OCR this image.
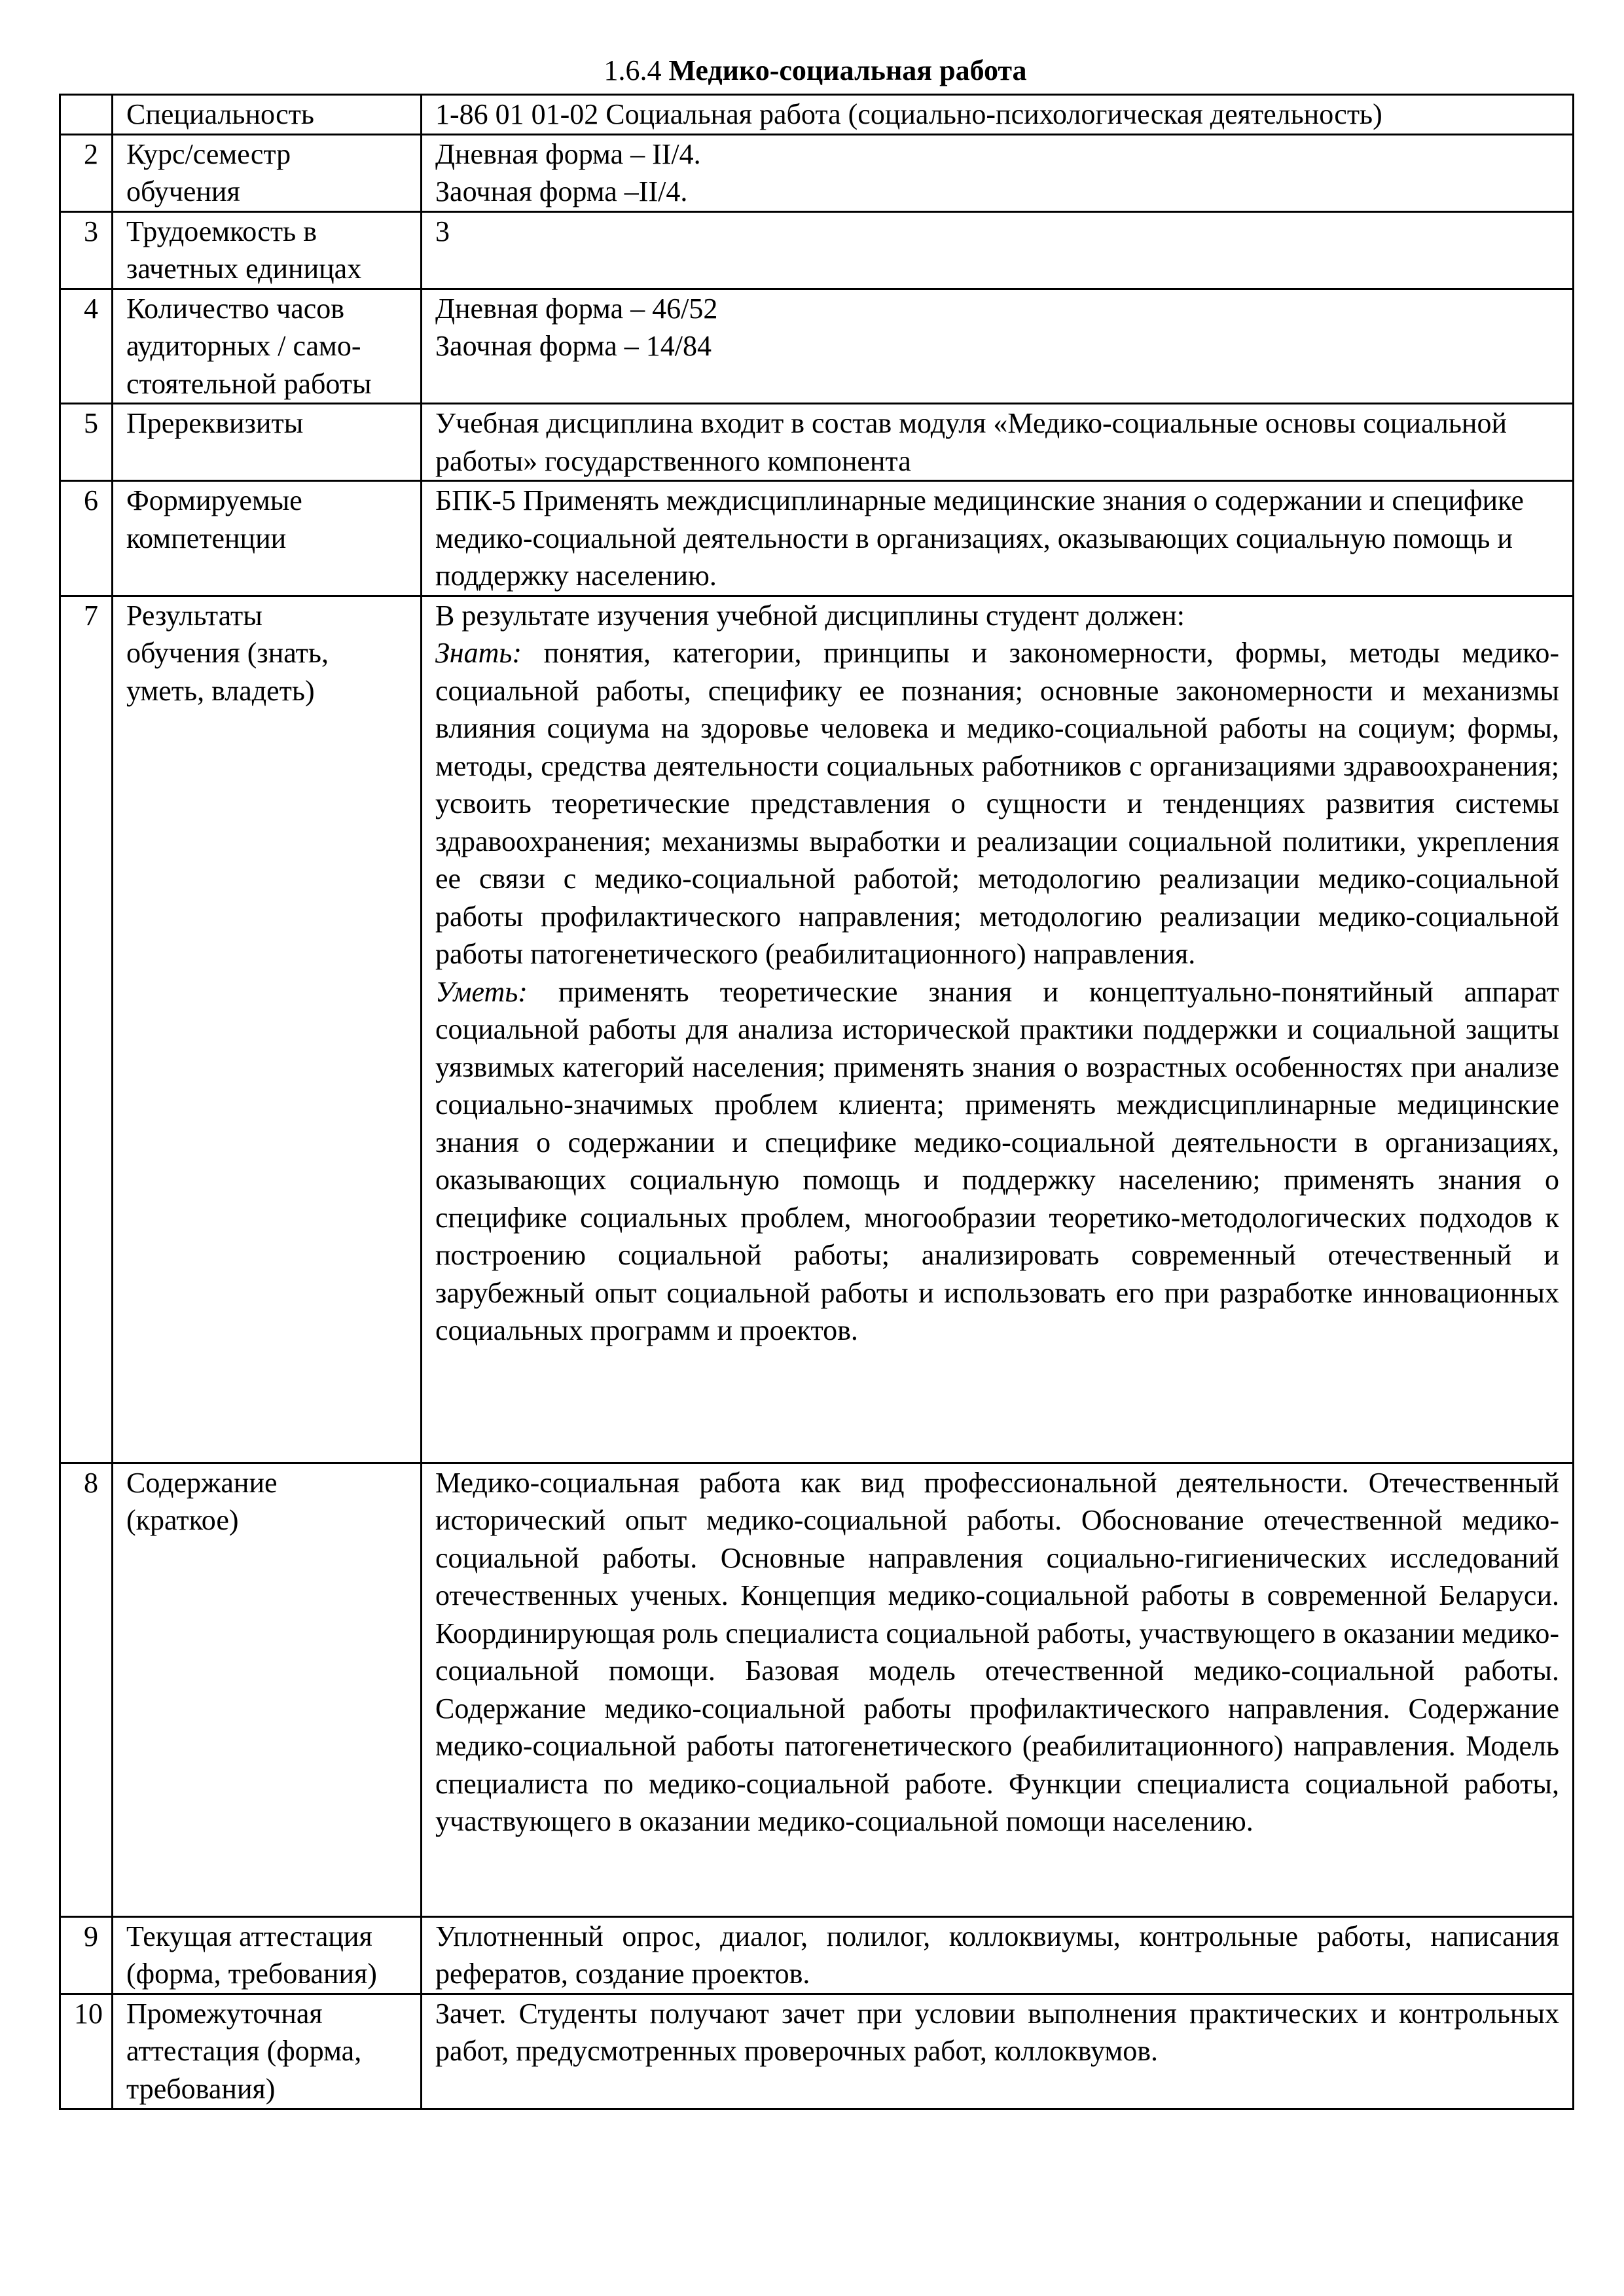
1.6.4 Медико-социальная работа
	Специальность	1-86 01 01-02 Социальная работа (социально-психологическая деятельность)

2	Курс/семестр обучения	Дневная форма – II/4.
Заочная форма –II/4.

3	Трудоемкость в зачетных единицах	3

4	Количество часов аудиторных / само-стоятельной работы	Дневная форма – 46/52
Заочная форма – 14/84

5	Пререквизиты	Учебная дисциплина входит в состав модуля «Медико-социальные основы социальной работы» государственного компонента

6	Формируемые компетенции	БПК-5 Применять междисциплинарные медицинские знания о содержании и специфике медико-социальной деятельности в организациях, оказывающих социальную помощь и поддержку населению.

7	Результаты обучения (знать, уметь, владеть)	В результате изучения учебной дисциплины студент должен:
Знать: понятия, категории, принципы и закономерности, формы, методы медико-социальной работы, специфику ее познания; основные закономерности и механизмы влияния социума на здоровье человека и медико-социальной работы на социум; формы, методы, средства деятельности социальных работников с организациями здравоохранения; усвоить теоретические представления о сущности и тенденциях развития системы здравоохранения; механизмы выработки и реализации социальной политики, укрепления ее связи с медико-социальной работой; методологию реализации медико-социальной работы профилактического направления; методологию реализации медико-социальной работы патогенетического (реабилитационного) направления.
Уметь: применять теоретические знания и концептуально-понятийный аппарат социальной работы для анализа исторической практики поддержки и социальной защиты уязвимых категорий населения; применять знания о возрастных особенностях при анализе социально-значимых проблем клиента; применять междисциплинарные медицинские знания о содержании и специфике медико-социальной деятельности в организациях, оказывающих социальную помощь и поддержку населению; применять знания о специфике социальных проблем, многообразии теоретико-методологических подходов к построению социальной работы; анализировать современный отечественный и зарубежный опыт социальной работы и использовать его при разработке инновационных социальных программ и проектов.

8	Содержание (краткое)	Медико-социальная работа как вид профессиональной деятельности. Отечественный исторический опыт медико-социальной работы. Обоснование отечественной медико-социальной работы. Основные направления социально-гигиенических исследований отечественных ученых. Концепция медико-социальной работы в современной Беларуси. Координирующая роль специалиста социальной работы, участвующего в оказании медико-социальной помощи. Базовая модель отечественной медико-социальной работы. Содержание медико-социальной работы профилактического направления. Содержание медико-социальной работы патогенетического (реабилитационного) направления. Модель специалиста по медико-социальной работе. Функции специалиста социальной работы, участвующего в оказании медико-социальной помощи населению.

9	Текущая аттестация (форма, требования)	Уплотненный опрос, диалог, полилог, коллоквиумы, контрольные работы, написания рефератов, создание проектов.

10	Промежуточная аттестация (форма, требования)	Зачет. Студенты получают зачет при условии выполнения практических и контрольных работ, предусмотренных проверочных работ, коллоквумов.
